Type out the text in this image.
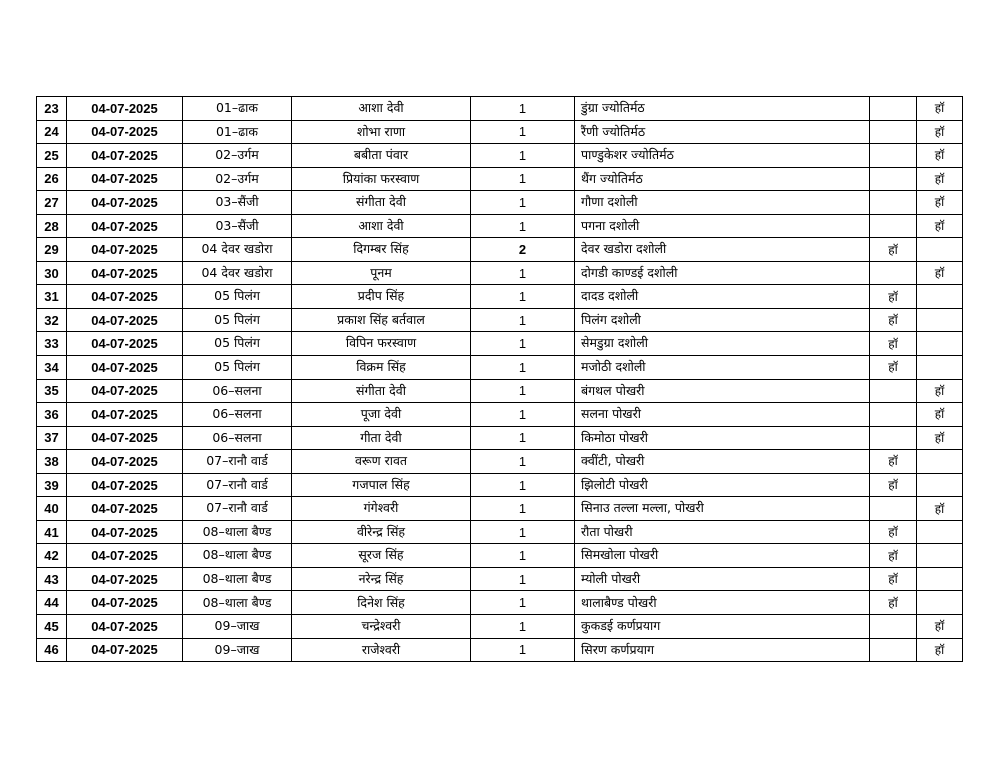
23	04-07-2025	01–ढाक	आशा देवी	1	डुंग्रा ज्योतिर्मठ		हॉ
24	04-07-2025	01–ढाक	शोभा राणा	1	रैंणी ज्योतिर्मठ		हॉ
25	04-07-2025	02–उर्गम	बबीता पंवार	1	पाण्डुकेशर ज्योतिर्मठ		हॉ
26	04-07-2025	02–उर्गम	प्रियांका फरस्वाण	1	थैंग ज्योतिर्मठ		हॉ
27	04-07-2025	03–सैंजी	संगीता देवी	1	गौणा दशोली		हॉ
28	04-07-2025	03–सैंजी	आशा देवी	1	पगना दशोली		हॉ
29	04-07-2025	04 देवर खडोरा	दिगम्बर सिंह	2	देवर खडोरा दशोली	हॉ	
30	04-07-2025	04 देवर खडोरा	पूनम	1	दोगडी काण्डई दशोली		हॉ
31	04-07-2025	05 पिलंग	प्रदीप सिंह	1	दादड दशोली	हॉ	
32	04-07-2025	05 पिलंग	प्रकाश सिंह बर्तवाल	1	पिलंग दशोली	हॉ	
33	04-07-2025	05 पिलंग	विपिन फरस्वाण	1	सेमडुग्रा दशोली	हॉ	
34	04-07-2025	05 पिलंग	विक्रम सिंह	1	मजोठी दशोली	हॉ	
35	04-07-2025	06–सलना	संगीता देवी	1	बंगथल पोखरी		हॉ
36	04-07-2025	06–सलना	पूजा देवी	1	सलना पोखरी		हॉ
37	04-07-2025	06–सलना	गीता देवी	1	किमोठा पोखरी		हॉ
38	04-07-2025	07–रानौ वार्ड	वरूण रावत	1	क्वींटी, पोखरी	हॉ	
39	04-07-2025	07–रानौ वार्ड	गजपाल सिंह	1	झिलोटी पोखरी	हॉ	
40	04-07-2025	07–रानौ वार्ड	गंगेश्वरी	1	सिनाउ तल्ला मल्ला, पोखरी		हॉ
41	04-07-2025	08–थाला बैण्ड	वीरेन्द्र सिंह	1	रौता पोखरी	हॉ	
42	04-07-2025	08–थाला बैण्ड	सूरज सिंह	1	सिमखोला पोखरी	हॉ	
43	04-07-2025	08–थाला बैण्ड	नरेन्द्र सिंह	1	म्योली पोखरी	हॉ	
44	04-07-2025	08–थाला बैण्ड	दिनेश सिंह	1	थालाबैण्ड पोखरी	हॉ	
45	04-07-2025	09–जाख	चन्द्रेश्वरी	1	कुकडई कर्णप्रयाग		हॉ
46	04-07-2025	09–जाख	राजेश्वरी	1	सिरण कर्णप्रयाग		हॉ
